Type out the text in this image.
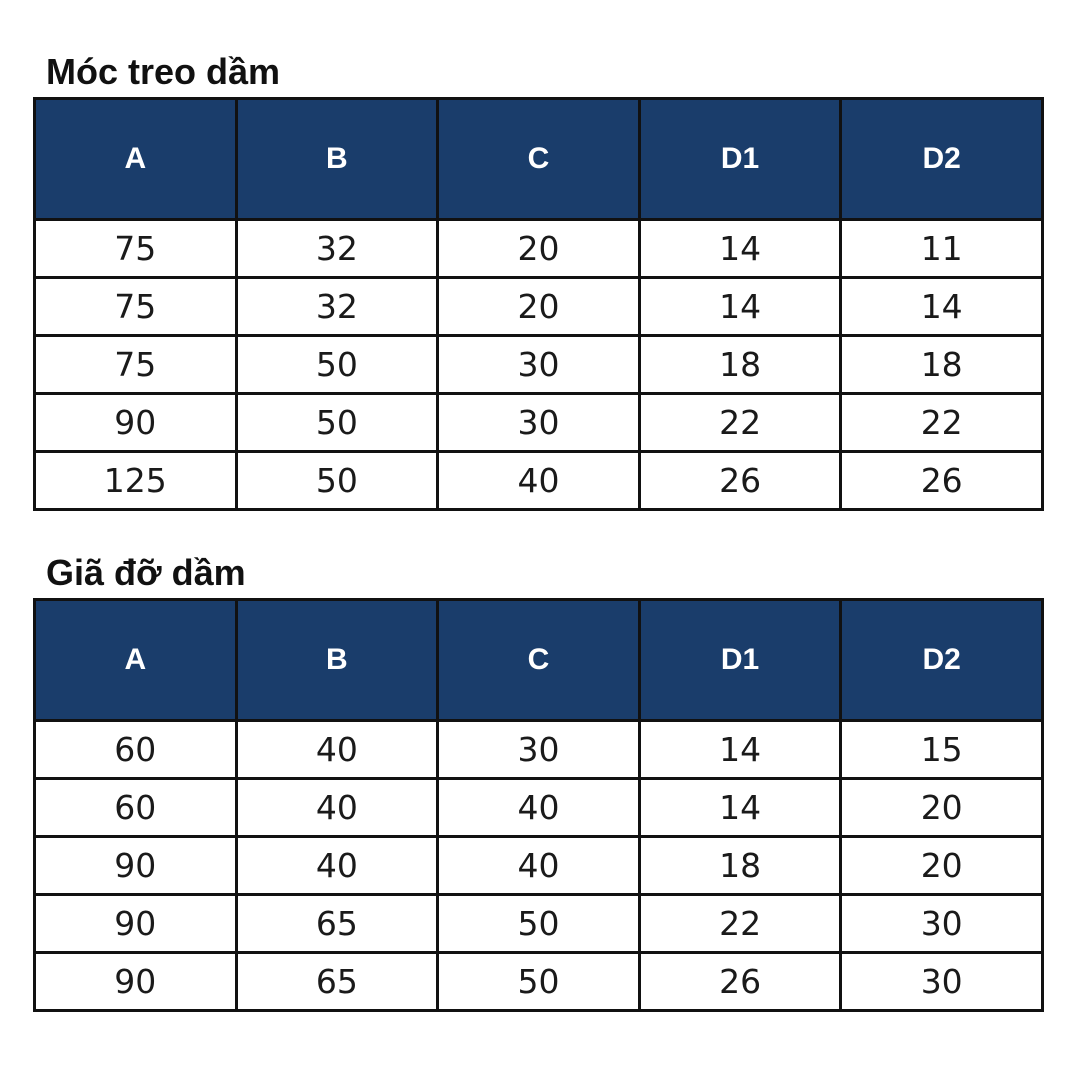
Móc treo dầm
A	B	C	D1	D2
75	32	20	14	11
75	32	20	14	14
75	50	30	18	18
90	50	30	22	22
125	50	40	26	26
Giã đỡ dầm
A	B	C	D1	D2
60	40	30	14	15
60	40	40	14	20
90	40	40	18	20
90	65	50	22	30
90	65	50	26	30
